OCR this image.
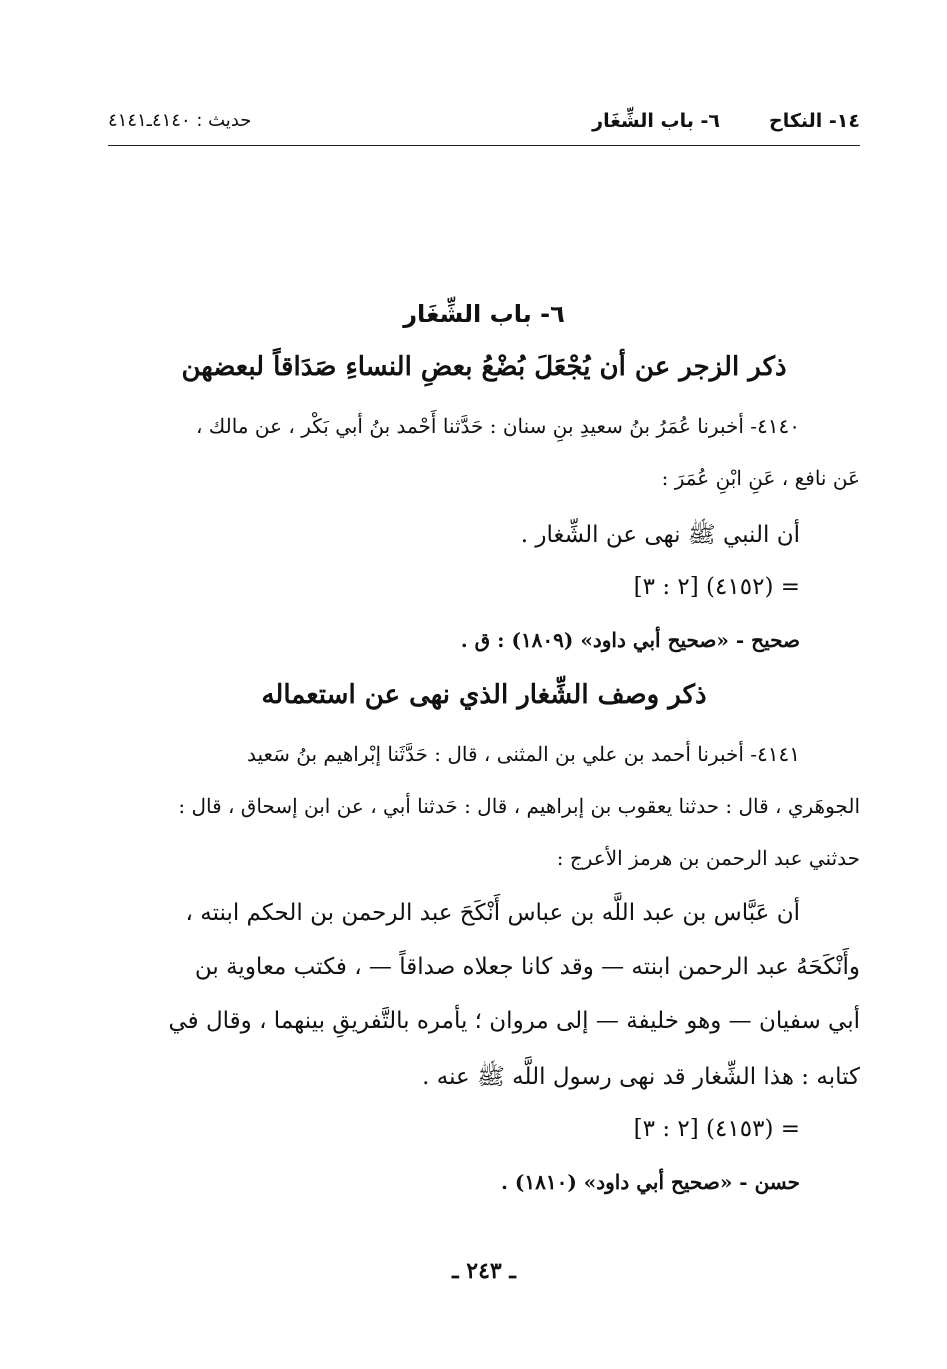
١٤- النكاح
٦- باب الشِّغَار
حديث : ٤١٤٠ـ٤١٤١
٦- باب الشِّغَار
ذكر الزجر عن أن يُجْعَلَ بُضْعُ بعضِ النساءِ صَدَاقاً لبعضهن
٤١٤٠- أخبرنا عُمَرُ بنُ سعيدِ بنِ سنان : حَدَّثنا أَحْمد بنُ أبي بَكْر ، عن مالك ،
عَن نافع ، عَنِ ابْنِ عُمَرَ :
أن النبي ﷺ نهى عن الشِّغار .
= (٤١٥٢) [٢ : ٣]
صحيح - «صحيح أبي داود» (١٨٠٩) : ق .
ذكر وصف الشِّغار الذي نهى عن استعماله
٤١٤١- أخبرنا أحمد بن علي بن المثنى ، قال : حَدَّثَنا إبْراهيم بنُ سَعيد
الجوهَري ، قال : حدثنا يعقوب بن إبراهيم ، قال : حَدثنا أبي ، عن ابن إسحاق ، قال :
حدثني عبد الرحمن بن هرمز الأعرج :
أن عَبَّاس بن عبد اللَّه بن عباس أَنْكَحَ عبد الرحمن بن الحكم ابنته ،
وأَنْكَحَهُ عبد الرحمن ابنته — وقد كانا جعلاه صداقاً — ، فكتب معاوية بن
أبي سفيان — وهو خليفة — إلى مروان ؛ يأمره بالتَّفريقِ بينهما ، وقال في
كتابه : هذا الشِّغار قد نهى رسول اللَّه ﷺ عنه .
= (٤١٥٣) [٢ : ٣]
حسن - «صحيح أبي داود» (١٨١٠) .
ـ ٢٤٣ ـ
